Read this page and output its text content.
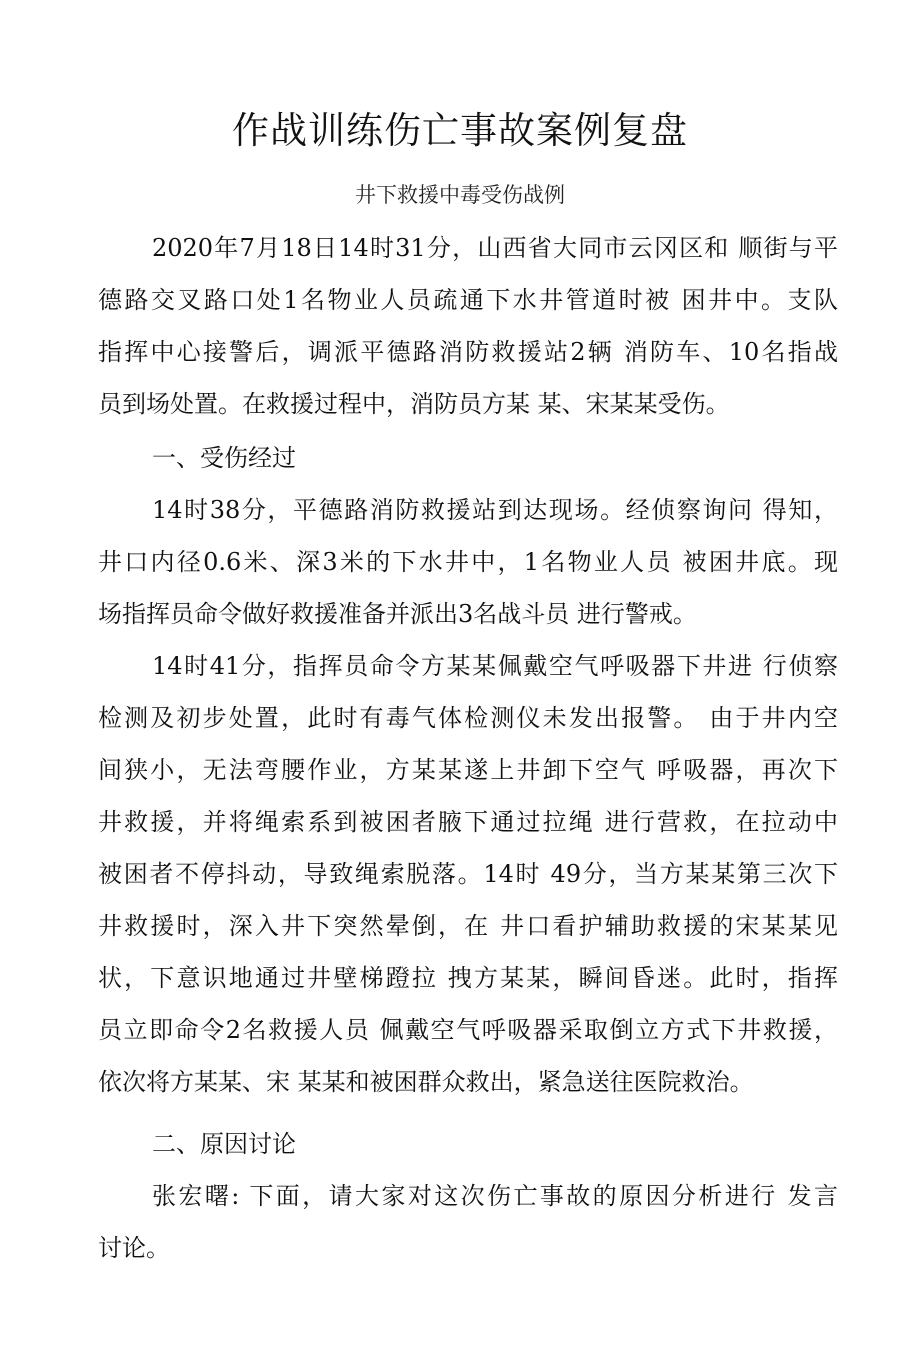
作战训练伤亡事故案例复盘
井下救援中毒受伤战例
2020年7月18日14时31分，山西省大同市云冈区和 顺街与平
德路交叉路口处1名物业人员疏通下水井管道时被 困井中。支队
指挥中心接警后，调派平德路消防救援站2辆 消防车、10名指战
员到场处置。在救援过程中，消防员方某 某、宋某某受伤。
一、受伤经过
14时38分，平德路消防救援站到达现场。经侦察询问 得知，
井口内径0.6米、深3米的下水井中，1名物业人员 被困井底。现
场指挥员命令做好救援准备并派出3名战斗员 进行警戒。
14时41分，指挥员命令方某某佩戴空气呼吸器下井进 行侦察
检测及初步处置，此时有毒气体检测仪未发出报警。 由于井内空
间狭小，无法弯腰作业，方某某遂上井卸下空气 呼吸器，再次下
井救援，并将绳索系到被困者腋下通过拉绳 进行营救，在拉动中
被困者不停抖动，导致绳索脱落。14时 49分，当方某某第三次下
井救援时，深入井下突然晕倒，在 井口看护辅助救援的宋某某见
状，下意识地通过井壁梯蹬拉 拽方某某，瞬间昏迷。此时，指挥
员立即命令2名救援人员 佩戴空气呼吸器采取倒立方式下井救援，
依次将方某某、宋 某某和被困群众救出，紧急送往医院救治。
二、原因讨论
张宏曙: 下面，请大家对这次伤亡事故的原因分析进行 发言
讨论。
